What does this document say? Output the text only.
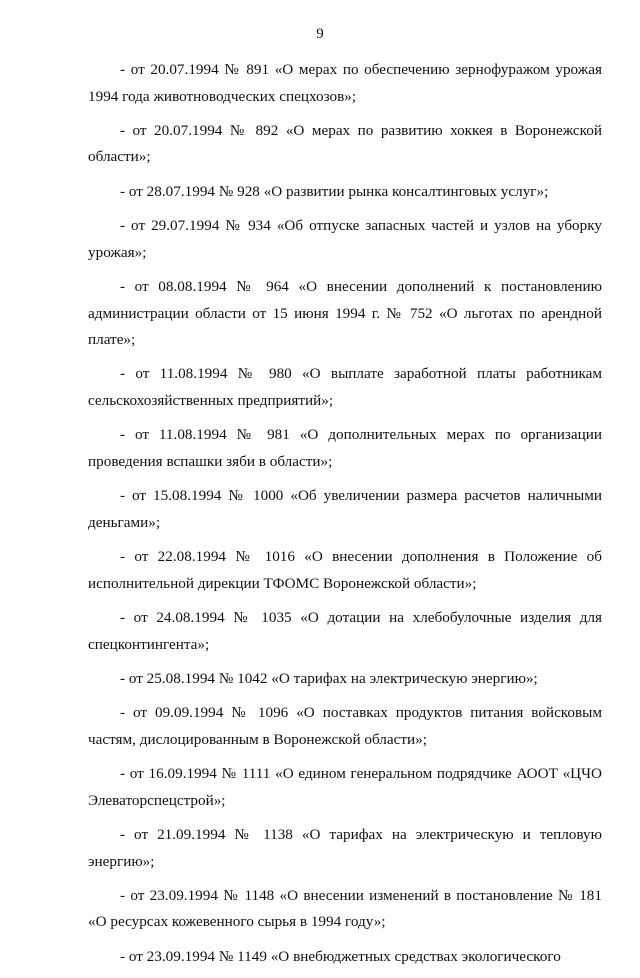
9

- от 20.07.1994 № 891 «О мерах по обеспечению зернофуражом урожая 1994 года животноводческих спецхозов»;

- от 20.07.1994 № 892 «О мерах по развитию хоккея в Воронежской области»;

- от 28.07.1994 № 928 «О развитии рынка консалтинговых услуг»;

- от 29.07.1994 № 934 «Об отпуске запасных частей и узлов на уборку урожая»;

- от 08.08.1994 № 964 «О внесении дополнений к постановлению администрации области от 15 июня 1994 г. № 752 «О льготах по арендной плате»;

- от 11.08.1994 № 980 «О выплате заработной платы работникам сельскохозяйственных предприятий»;

- от 11.08.1994 № 981 «О дополнительных мерах по организации проведения вспашки зяби в области»;

- от 15.08.1994 № 1000 «Об увеличении размера расчетов наличными деньгами»;

- от 22.08.1994 № 1016 «О внесении дополнения в Положение об исполнительной дирекции ТФОМС Воронежской области»;

- от 24.08.1994 № 1035 «О дотации на хлебобулочные изделия для спецконтингента»;

- от 25.08.1994 № 1042 «О тарифах на электрическую энергию»;

- от 09.09.1994 № 1096 «О поставках продуктов питания войсковым частям, дислоцированным в Воронежской области»;

- от 16.09.1994 № 1111 «О едином генеральном подрядчике АООТ «ЦЧО Элеваторспецстрой»;

- от 21.09.1994 № 1138 «О тарифах на электрическую и тепловую энергию»;

- от 23.09.1994 № 1148 «О внесении изменений в постановление № 181 «О ресурсах кожевенного сырья в 1994 году»;

- от 23.09.1994 № 1149 «О внебюджетных средствах экологического
